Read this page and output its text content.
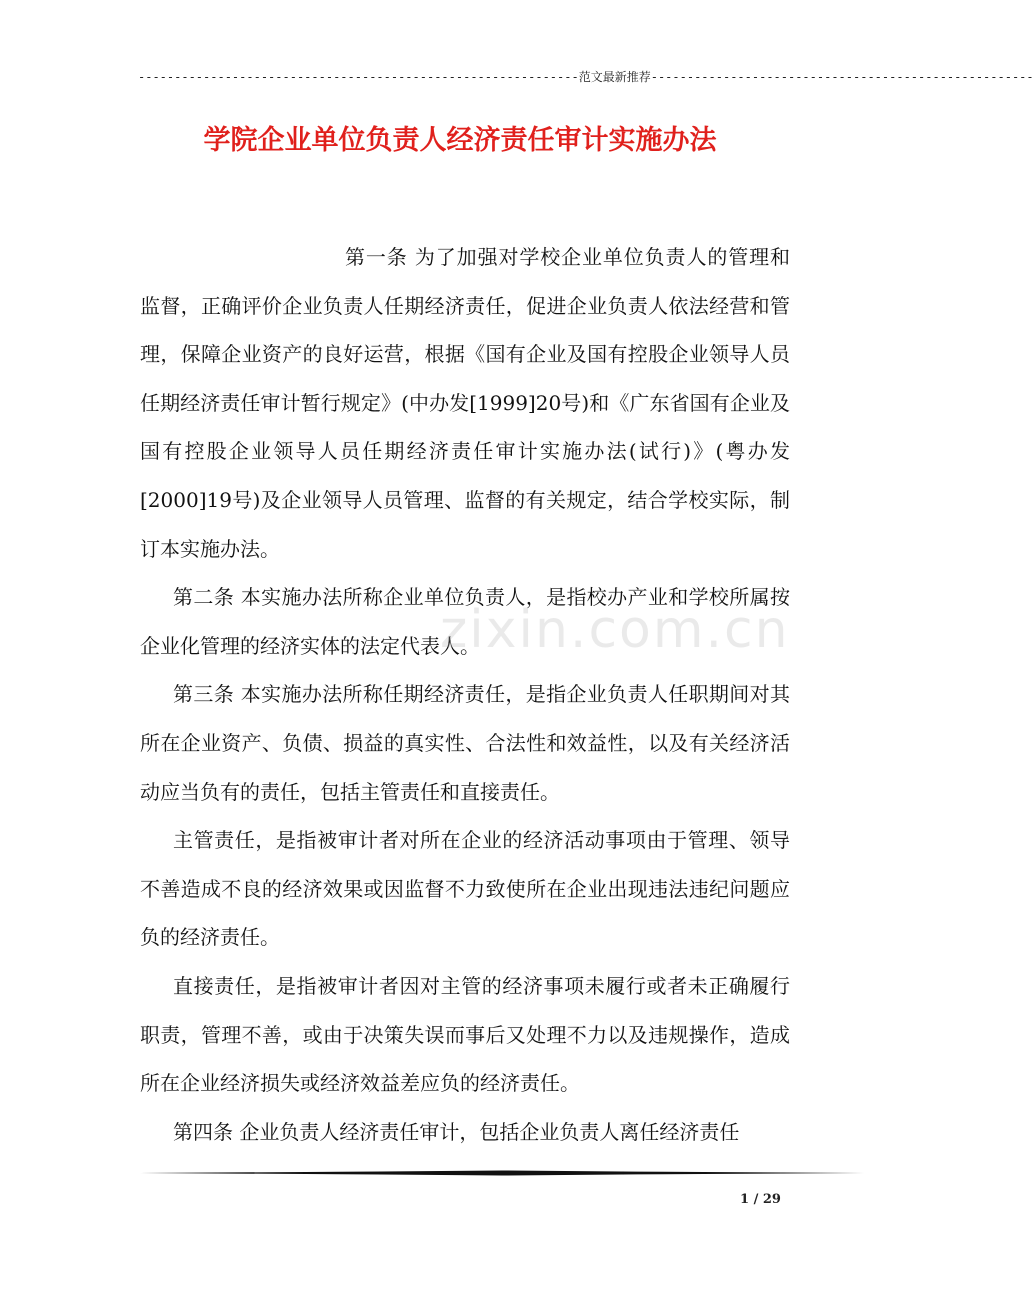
-------------------------------------------------------------范文最新推荐-----------------------------------------------------
学院企业单位负责人经济责任审计实施办法

第一条 为了加强对学校企业单位负责人的管理和监督，正确评价企业负责人任期经济责任，促进企业负责人依法经营和管理，保障企业资产的良好运营，根据《国有企业及国有控股企业领导人员任期经济责任审计暂行规定》(中办发[1999]20号)和《广东省国有企业及国有控股企业领导人员任期经济责任审计实施办法(试行)》(粤办发[2000]19号)及企业领导人员管理、监督的有关规定，结合学校实际，制订本实施办法。

第二条 本实施办法所称企业单位负责人，是指校办产业和学校所属按企业化管理的经济实体的法定代表人。

第三条 本实施办法所称任期经济责任，是指企业负责人任职期间对其所在企业资产、负债、损益的真实性、合法性和效益性，以及有关经济活动应当负有的责任，包括主管责任和直接责任。

主管责任，是指被审计者对所在企业的经济活动事项由于管理、领导不善造成不良的经济效果或因监督不力致使所在企业出现违法违纪问题应负的经济责任。

直接责任，是指被审计者因对主管的经济事项未履行或者未正确履行职责，管理不善，或由于决策失误而事后又处理不力以及违规操作，造成所在企业经济损失或经济效益差应负的经济责任。

第四条 企业负责人经济责任审计，包括企业负责人离任经济责任

zixin.com.cn
1 / 29
